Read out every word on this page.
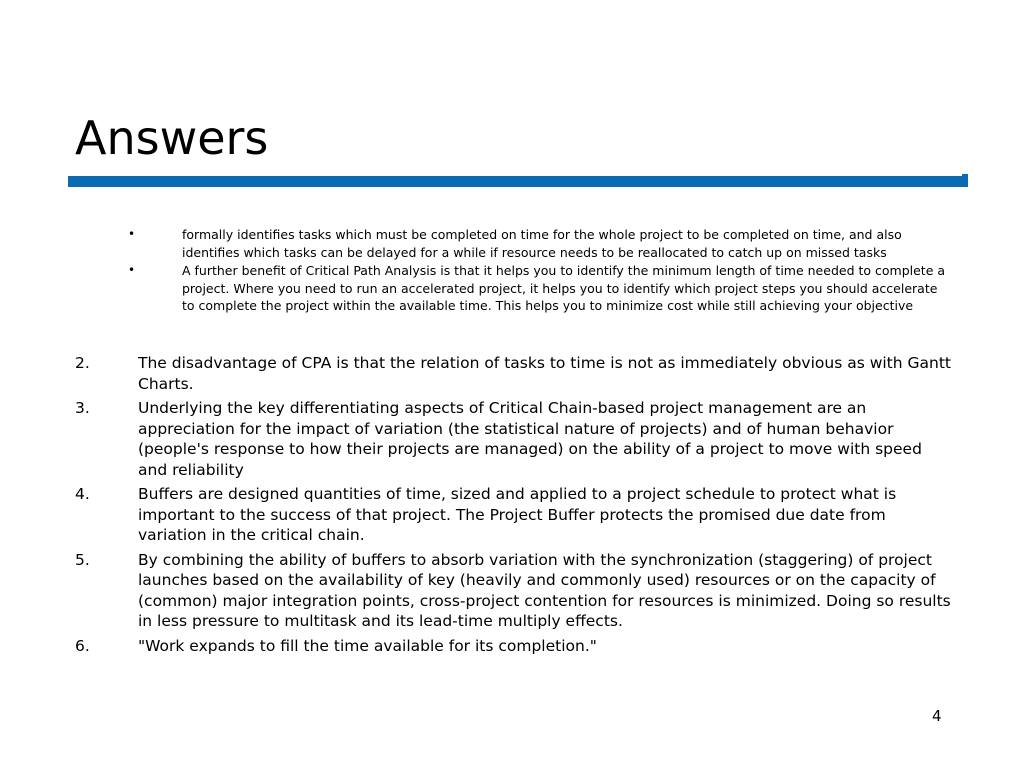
Answers
•	formally identifies tasks which must be completed on time for the whole project to be completed on time, and also identifies which tasks can be delayed for a while if resource needs to be reallocated to catch up on missed tasks
•	A further benefit of Critical Path Analysis is that it helps you to identify the minimum length of time needed to complete a project. Where you need to run an accelerated project, it helps you to identify which project steps you should accelerate to complete the project within the available time. This helps you to minimize cost while still achieving your objective
2.	The disadvantage of CPA is that the relation of tasks to time is not as immediately obvious as with Gantt Charts.
3.	Underlying the key differentiating aspects of Critical Chain-based project management are an appreciation for the impact of variation (the statistical nature of projects) and of human behavior (people's response to how their projects are managed) on the ability of a project to move with speed and reliability
4.	Buffers are designed quantities of time, sized and applied to a project schedule to protect what is important to the success of that project. The Project Buffer protects the promised due date from variation in the critical chain.
5.	By combining the ability of buffers to absorb variation with the synchronization (staggering) of project launches based on the availability of key (heavily and commonly used) resources or on the capacity of (common) major integration points, cross-project contention for resources is minimized. Doing so results in less pressure to multitask and its lead-time multiply effects.
6.	"Work expands to fill the time available for its completion."
4
